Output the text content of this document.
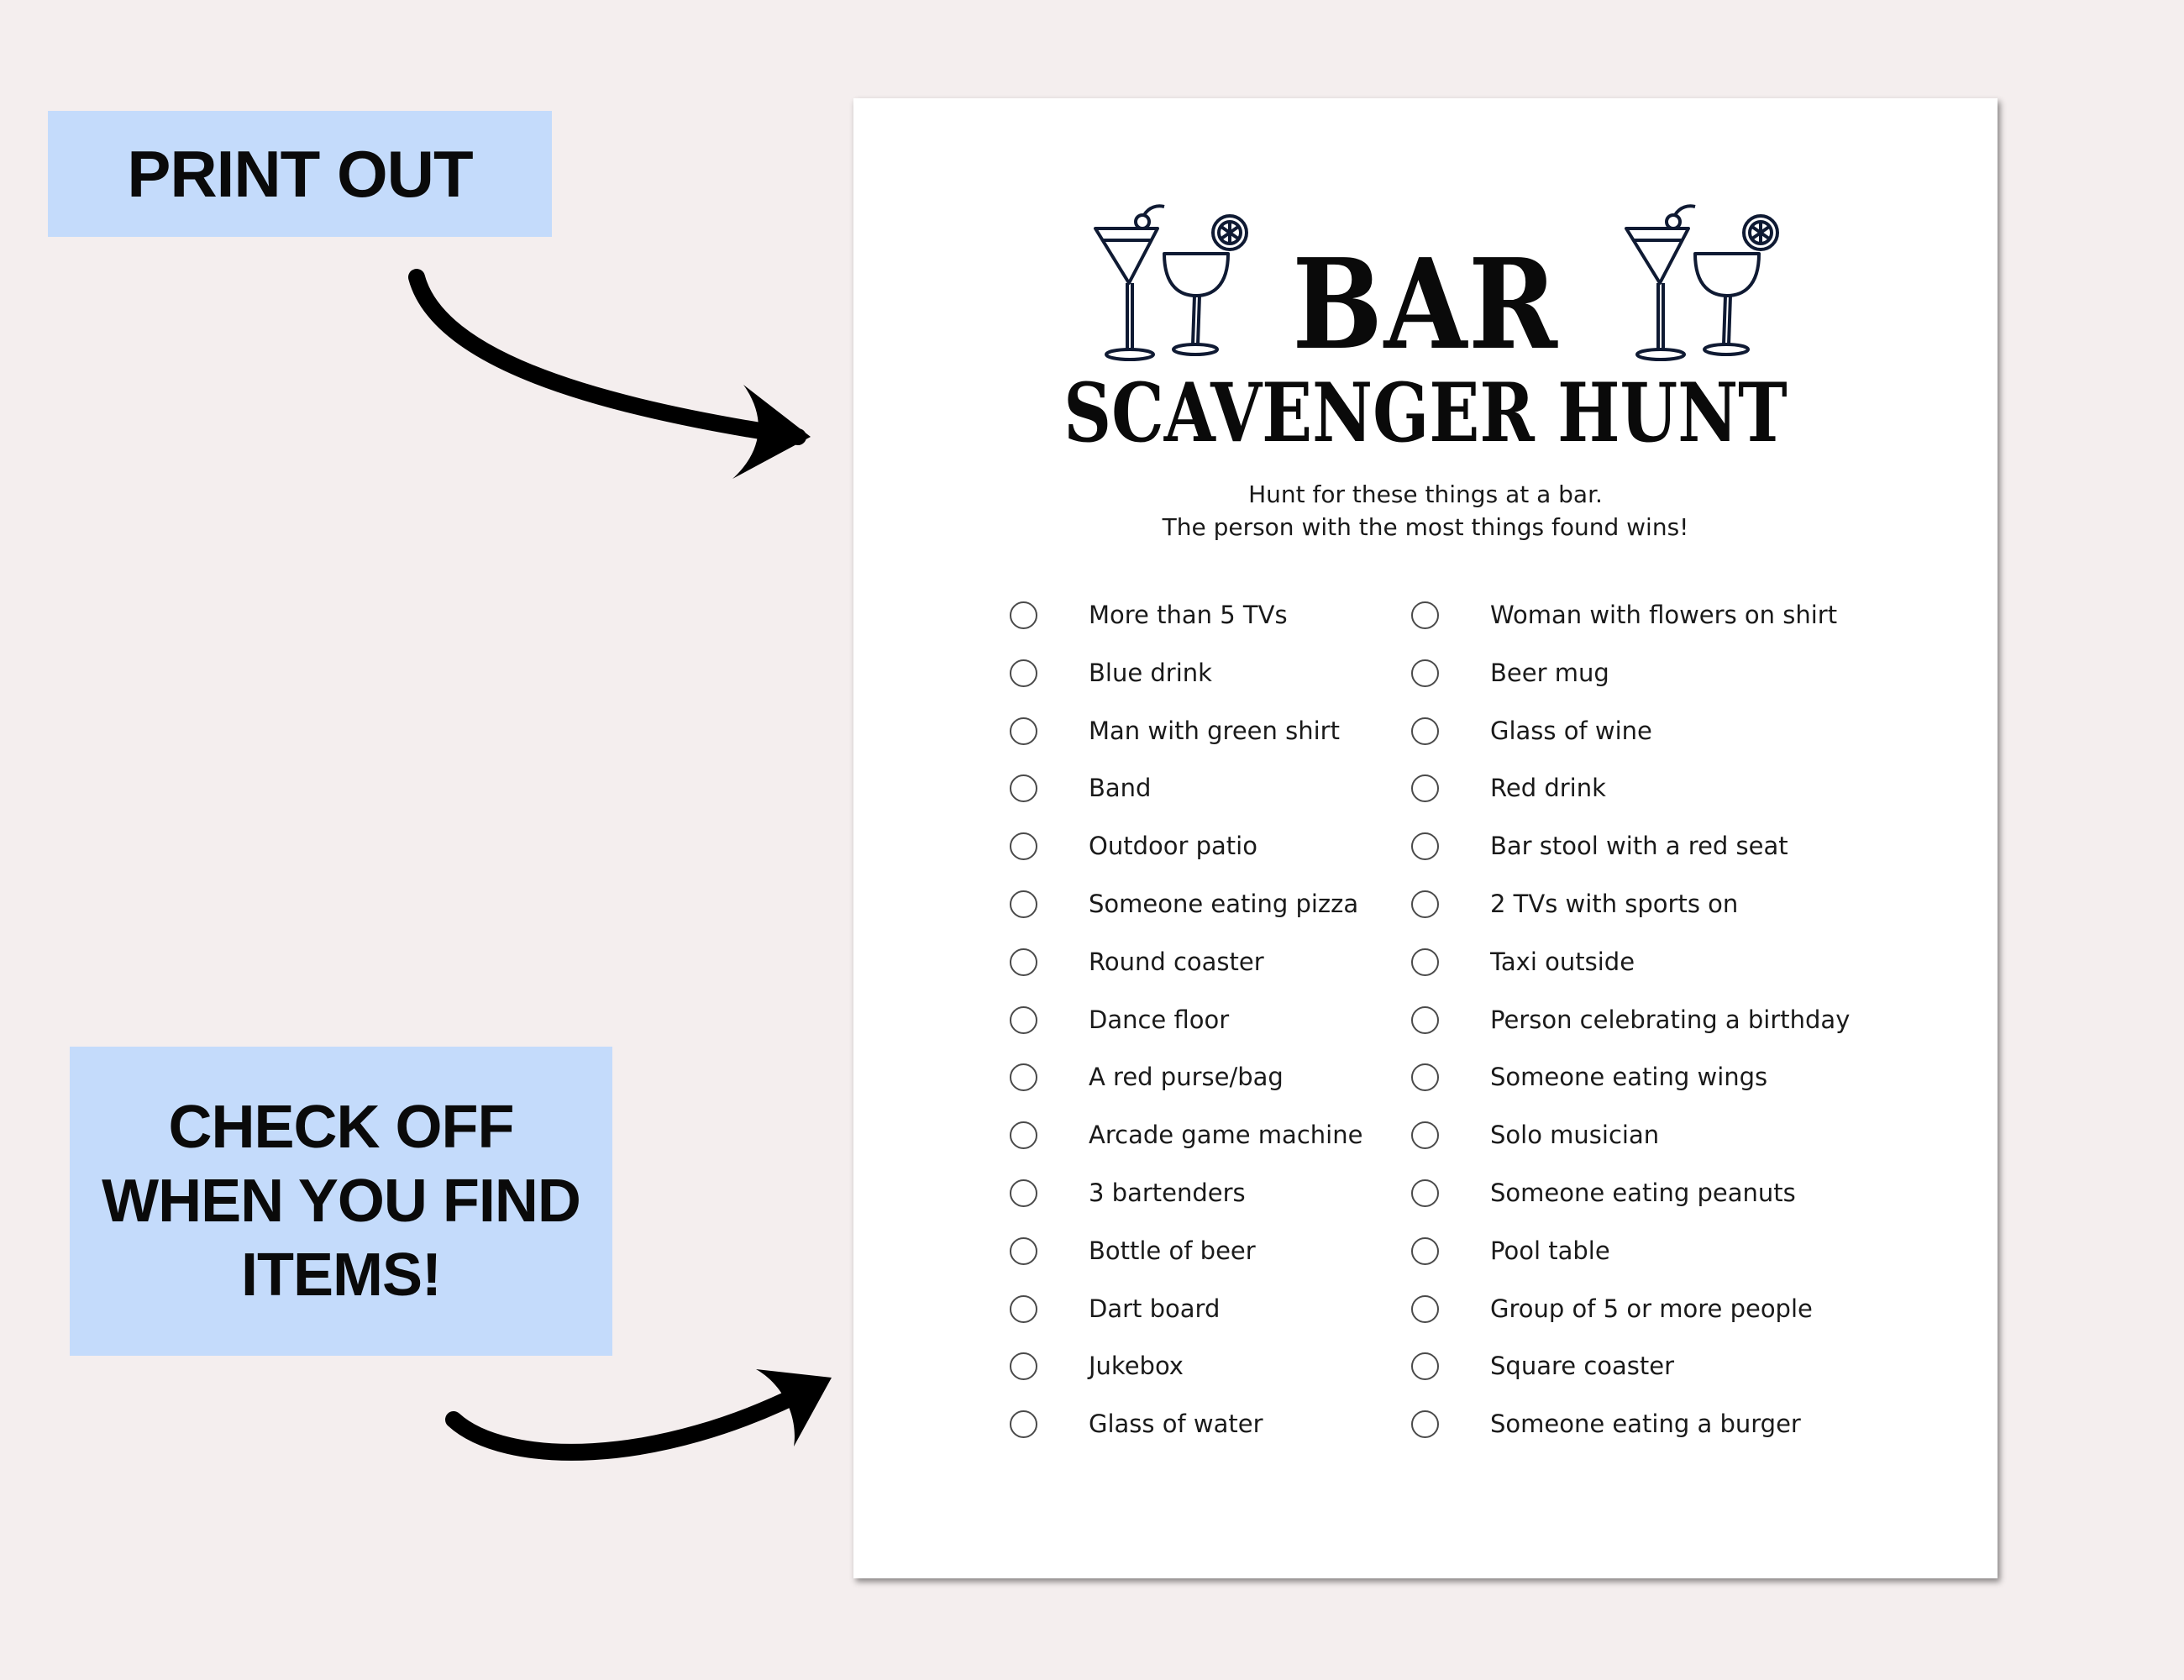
PRINT OUT
CHECK OFF
WHEN YOU FIND
ITEMS!
BAR
SCAVENGER HUNT
Hunt for these things at a bar.
The person with the most things found wins!
More than 5 TVs
Blue drink
Man with green shirt
Band
Outdoor patio
Someone eating pizza
Round coaster
Dance floor
A red purse/bag
Arcade game machine
3 bartenders
Bottle of beer
Dart board
Jukebox
Glass of water
Woman with flowers on shirt
Beer mug
Glass of wine
Red drink
Bar stool with a red seat
2 TVs with sports on
Taxi outside
Person celebrating a birthday
Someone eating wings
Solo musician
Someone eating peanuts
Pool table
Group of 5 or more people
Square coaster
Someone eating a burger
